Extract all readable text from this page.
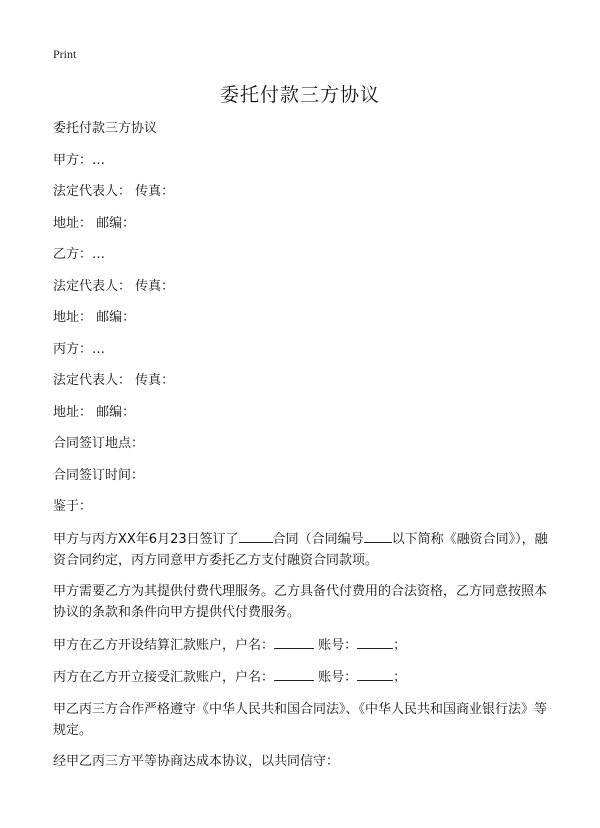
Print
委托付款三方协议
委托付款三方协议
甲方：…
法定代表人： 传真：
地址： 邮编：
乙方：…
法定代表人： 传真：
地址： 邮编：
丙方：…
法定代表人： 传真：
地址： 邮编：
合同签订地点：
合同签订时间：
鉴于：
甲方与丙方XX年6月23日签订了	合同（合同编号 以下简称《融资合同》），融资合同约定，丙方同意甲方委托乙方支付融资合同款项。
甲方需要乙方为其提供付费代理服务。乙方具备代付费用的合法资格，乙方同意按照本协议的条款和条件向甲方提供代付费服务。
甲方在乙方开设结算汇款账户，户名：	账号：	；
丙方在乙方开立接受汇款账户，户名：	账号：	；
甲乙丙三方合作严格遵守《中华人民共和国合同法》、《中华人民共和国商业银行法》等规定。
经甲乙丙三方平等协商达成本协议，以共同信守：
